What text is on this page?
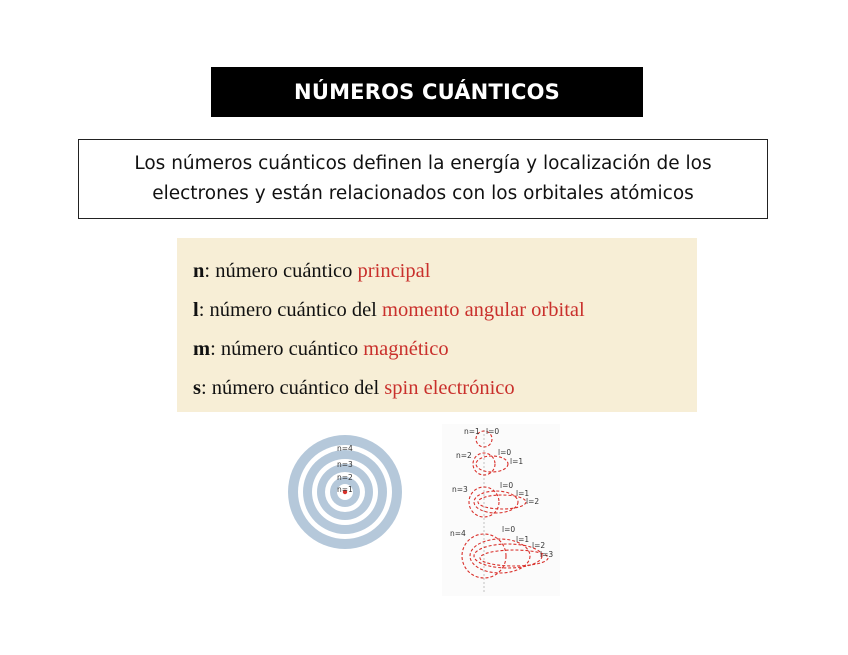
NÚMEROS CUÁNTICOS
Los números cuánticos definen la energía y localización de los
electrones y están relacionados con los orbitales atómicos
n: número cuántico principal
l: número cuántico del momento angular orbital
m: número cuántico magnético
s: número cuántico del spin electrónico
n=4
n=3
n=2
n=1
n=1 l=0
n=2	l=0
l=1
n=3	l=0
l=1
l=2
n=4	l=0
l=1
l=2
l=3
